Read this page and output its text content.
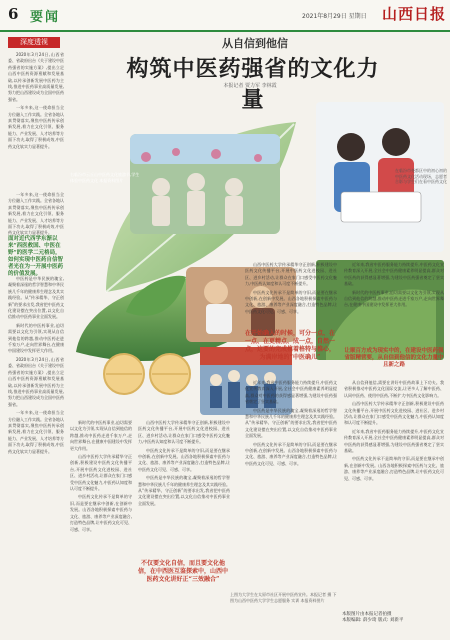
6 要闻	2021年8月29日 星期日 山西日报
深度透视

2020年3月24日,山西省委、省政府出台《关于建设中医药强省的实施方案》,提出立足山西中医药资源禀赋和发展基础,以传承创新发展中医药为主线,推进中医药事业高质量发展,努力把山西建设成为全国中医药强省。

一年多来,这一使命担当全方位融入工作实践。全省各地认真贯彻落实,聚焦中医药传承创新发展,着力在文化引领、服务能力、产业发展、人才培养等方面下功夫,取得了积极成效,中医药文化软实力显著提升。

从自信到他信
构筑中医药强省的文化力量
本报记者 贾力军 李林霞
面对近代西学东渐以来“西医救国、中医在野”的医学二元格局，如何实现中医药自信智者光在为一开展中医药的价值发展。
在开始确入的时候，可分一点、在一点、在更精点、成一点，自然一点，这要的完成推着格特与推心，为满岸地的“中医确儿”
不仅要文化自信，而且要文化他信，在中西医互鉴探索中，山西中医药文化讲好正“三效融合”
让顺百方成为现实中的，在建设中医药强省版精营要，从自信到他信的文化力量中且新之路
在临汾市尧都区中的初心初的中医药文化活动现场，志愿者合影与学生们在看中医药文化
右临汾市云丘山中医药文化旅游节,学生体验中医药文化 本报资料图片
上图为大学生在太原市社区开展中医药宣传。本报记者 摄 下图为山西中医药大学学生志愿服务 实训 本报资料图片

一年多来,这一使命担当全方位融入工作实践。全省各地认真贯彻落实,聚焦中医药传承创新发展,着力在文化引领、服务能力、产业发展、人才培养等方面下功夫,取得了积极成效,中医药文化软实力显著提升。

中医药是中华民族的瑰宝,凝聚着深邃的哲学智慧和中华民族几千年的健康养生理念及其实践经验。从“传承精华、守正创新”的要求出发,我省把中医药文化建设摆在突出位置,以文化自信推动中医药事业全面发展。

新时代的中医药事业,迫切需要以文化为引领,实现从自信到他信的跨越,推动中医药走进千家万户,走向世界舞台,在健康中国建设中发挥更大作用。

2020年3月24日,山西省委、省政府出台《关于建设中医药强省的实施方案》,提出立足山西中医药资源禀赋和发展基础,以传承创新发展中医药为主线,推进中医药事业高质量发展,努力把山西建设成为全国中医药强省。

一年多来,这一使命担当全方位融入工作实践。全省各地认真贯彻落实,聚焦中医药传承创新发展,着力在文化引领、服务能力、产业发展、人才培养等方面下功夫,取得了积极成效,中医药文化软实力显著提升。

新时代的中医药事业,迫切需要以文化为引领,实现从自信到他信的跨越,推动中医药走进千家万户,走向世界舞台,在健康中国建设中发挥更大作用。

山西中医药大学传承精华守正创新,积极建设中医药文化传播平台,开展中医药文化进校园、进社区、进乡村活动,让群众在家门口感受中医药文化魅力,中医药认知度和认可度不断提升。

中医药文化传承不是简单的守旧,而是要在继承中创新,在创新中发展。山西各地积极探索中医药与文化、旅游、康养等产业深度融合,打造特色品牌,让中医药文化可见、可感、可享。

山西中医药大学传承精华守正创新,积极建设中医药文化传播平台,开展中医药文化进校园、进社区、进乡村活动,让群众在家门口感受中医药文化魅力,中医药认知度和认可度不断提升。

中医药文化传承不是简单的守旧,而是要在继承中创新,在创新中发展。山西各地积极探索中医药与文化、旅游、康养等产业深度融合,打造特色品牌,让中医药文化可见、可感、可享。

中医药是中华民族的瑰宝,凝聚着深邃的哲学智慧和中华民族几千年的健康养生理念及其实践经验。从“传承精华、守正创新”的要求出发,我省把中医药文化建设摆在突出位置,以文化自信推动中医药事业全面发展。

山西中医药大学传承精华守正创新,积极建设中医药文化传播平台,开展中医药文化进校园、进社区、进乡村活动,让群众在家门口感受中医药文化魅力,中医药认知度和认可度不断提升。

中医药文化传承不是简单的守旧,而是要在继承中创新,在创新中发展。山西各地积极探索中医药与文化、旅游、康养等产业深度融合,打造特色品牌,让中医药文化可见、可感、可享。

近年来,我省中医药服务能力持续提升,中医药文化宣传教育深入开展,全社会中医药健康素养明显提高,群众对中医药的获得感显著增强,为建设中医药强省奠定了坚实基础。

中医药是中华民族的瑰宝,凝聚着深邃的哲学智慧和中华民族几千年的健康养生理念及其实践经验。从“传承精华、守正创新”的要求出发,我省把中医药文化建设摆在突出位置,以文化自信推动中医药事业全面发展。

中医药文化传承不是简单的守旧,而是要在继承中创新,在创新中发展。山西各地积极探索中医药与文化、旅游、康养等产业深度融合,打造特色品牌,让中医药文化可见、可感、可享。

近年来,我省中医药服务能力持续提升,中医药文化宣传教育深入开展,全社会中医药健康素养明显提高,群众对中医药的获得感显著增强,为建设中医药强省奠定了坚实基础。

新时代的中医药事业,迫切需要以文化为引领,实现从自信到他信的跨越,推动中医药走进千家万户,走向世界舞台,在健康中国建设中发挥更大作用。

从自信到他信,需要在讲好中医药故事上下功夫。我省积极推动中医药文化国际交流,让更多人了解中医药、认同中医药、使用中医药,不断扩大中医药文化影响力。

山西中医药大学传承精华守正创新,积极建设中医药文化传播平台,开展中医药文化进校园、进社区、进乡村活动,让群众在家门口感受中医药文化魅力,中医药认知度和认可度不断提升。

近年来,我省中医药服务能力持续提升,中医药文化宣传教育深入开展,全社会中医药健康素养明显提高,群众对中医药的获得感显著增强,为建设中医药强省奠定了坚实基础。

中医药文化传承不是简单的守旧,而是要在继承中创新,在创新中发展。山西各地积极探索中医药与文化、旅游、康养等产业深度融合,打造特色品牌,让中医药文化可见、可感、可享。

本版图片由本报记者拍摄
本版编辑: 薛少琦 版式: 刘新平
